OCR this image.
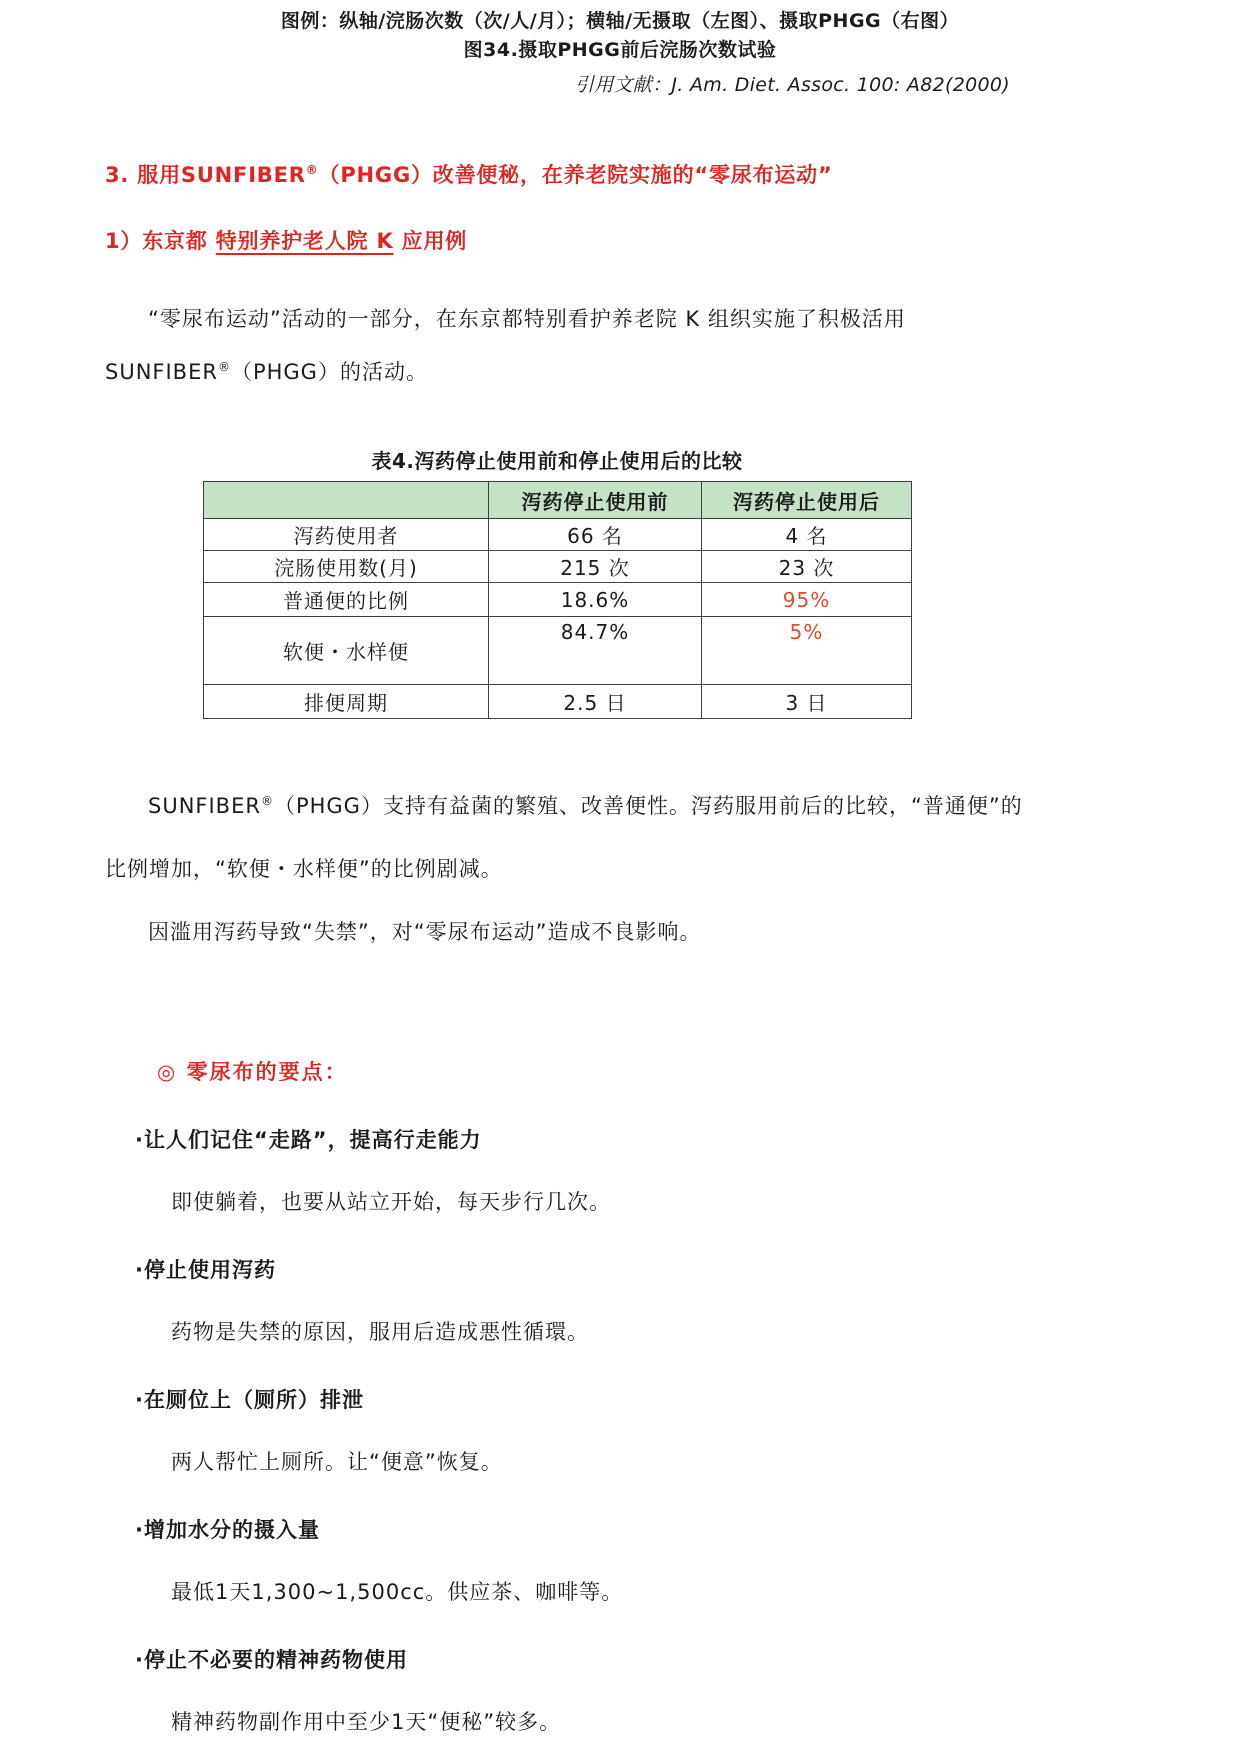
图例：纵轴/浣肠次数（次/人/月）；横轴/无摄取（左图）、摄取PHGG（右图）
图34.摄取PHGG前后浣肠次数试验
引用文献：J. Am. Diet. Assoc. 100: A82(2000)
3. 服用SUNFIBER®（PHGG）改善便秘，在养老院实施的“零尿布运动”
1）东京都 特别养护老人院 K 应用例
“零尿布运动”活动的一部分，在东京都特别看护养老院 K 组织实施了积极活用
SUNFIBER®（PHGG）的活动。
表4.泻药停止使用前和停止使用后的比较
	泻药停止使用前	泻药停止使用后
泻药使用者	66 名	4 名
浣肠使用数(月)	215 次	23 次
普通便的比例	18.6%	95%
软便・水样便	84.7%	5%
排便周期	2.5 日	3 日
SUNFIBER®（PHGG）支持有益菌的繁殖、改善便性。泻药服用前后的比较，“普通便”的
比例增加，“软便・水样便”的比例剧减。
因滥用泻药导致“失禁”，对“零尿布运动”造成不良影响。
◎ 零尿布的要点：
·让人们记住“走路”，提高行走能力
即使躺着，也要从站立开始，每天步行几次。
·停止使用泻药
药物是失禁的原因，服用后造成悪性循環。
·在厕位上（厕所）排泄
两人帮忙上厕所。让“便意”恢复。
·增加水分的摄入量
最低1天1,300~1,500cc。供应茶、咖啡等。
·停止不必要的精神药物使用
精神药物副作用中至少1天“便秘”较多。
